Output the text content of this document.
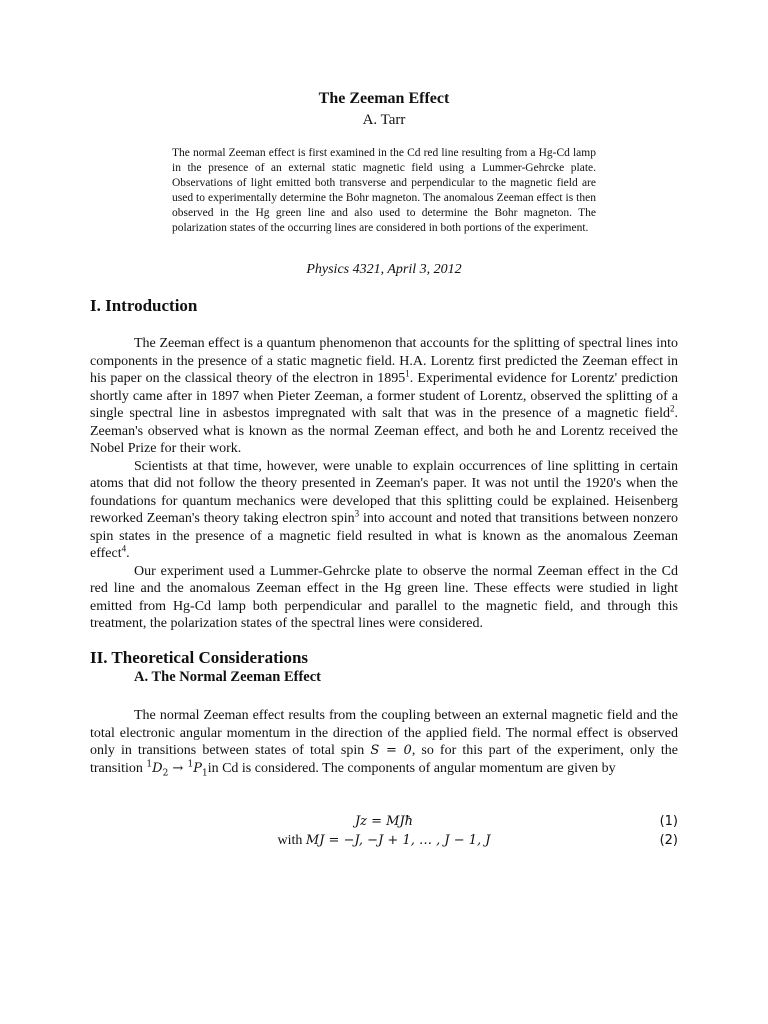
The Zeeman Effect
A. Tarr

The normal Zeeman effect is first examined in the Cd red line resulting from a Hg-Cd lamp in the presence of an external static magnetic field using a Lummer-Gehrcke plate. Observations of light emitted both transverse and perpendicular to the magnetic field are used to experimentally determine the Bohr magneton. The anomalous Zeeman effect is then observed in the Hg green line and also used to determine the Bohr magneton. The polarization states of the occurring lines are considered in both portions of the experiment.

Physics 4321, April 3, 2012
I. Introduction

The Zeeman effect is a quantum phenomenon that accounts for the splitting of spectral lines into components in the presence of a static magnetic field. H.A. Lorentz first predicted the Zeeman effect in his paper on the classical theory of the electron in 1895$^1$. Experimental evidence for Lorentz' prediction shortly came after in 1897 when Pieter Zeeman, a former student of Lorentz, observed the splitting of a single spectral line in asbestos impregnated with salt that was in the presence of a magnetic field$^2$. Zeeman's observed what is known as the normal Zeeman effect, and both he and Lorentz received the Nobel Prize for their work.

Scientists at that time, however, were unable to explain occurrences of line splitting in certain atoms that did not follow the theory presented in Zeeman's paper. It was not until the 1920's when the foundations for quantum mechanics were developed that this splitting could be explained. Heisenberg reworked Zeeman's theory taking electron spin$^3$ into account and noted that transitions between nonzero spin states in the presence of a magnetic field resulted in what is known as the anomalous Zeeman effect$^4$.

Our experiment used a Lummer-Gehrcke plate to observe the normal Zeeman effect in the Cd red line and the anomalous Zeeman effect in the Hg green line. These effects were studied in light emitted from Hg-Cd lamp both perpendicular and parallel to the magnetic field, and through this treatment, the polarization states of the spectral lines were considered.

II. Theoretical Considerations
A. The Normal Zeeman Effect

The normal Zeeman effect results from the coupling between an external magnetic field and the total electronic angular momentum in the direction of the applied field. The normal effect is observed only in transitions between states of total spin S = 0, so for this part of the experiment, only the transition $^1D_2 \to ^1P_1in$ Cd is considered. The components of angular momentum are given by

Jz = MJħ	(1)
with MJ = −J, −J + 1, … , J − 1, J	(2)
